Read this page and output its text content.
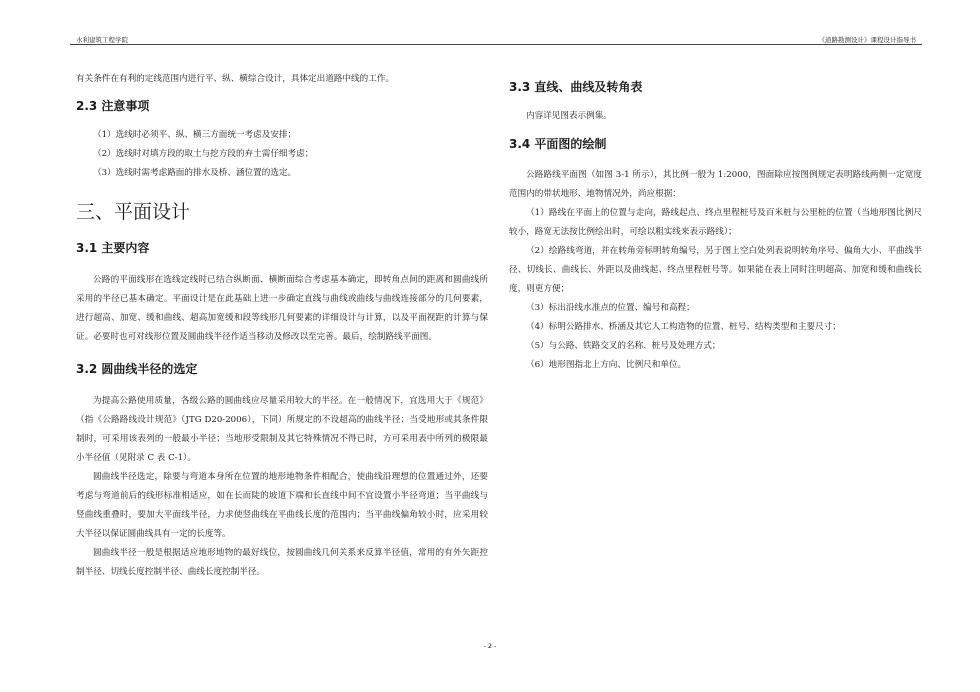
水利建筑工程学院	《道路勘测设计》课程设计指导书

有关条件在有利的定线范围内进行平、纵、横综合设计，具体定出道路中线的工作。

2.3 注意事项

（1）选线时必须平、纵、横三方面统一考虑及安排；

（2）选线时对填方段的取土与挖方段的弃土需仔细考虑；

（3）选线时需考虑路面的排水及桥、涵位置的选定。

三、平面设计
3.1 主要内容

公路的平面线形在选线定线时已结合纵断面、横断面综合考虑基本确定，即转角点间的距离和圆曲线所采用的半径已基本确定。平面设计是在此基础上进一步确定直线与曲线或曲线与曲线连接部分的几何要素，进行超高、加宽、缓和曲线、超高加宽缓和段等线形几何要素的详细设计与计算，以及平面视距的计算与保证。必要时也可对线形位置及圆曲线半径作适当移动及修改以至完善。最后，绘制路线平面图。

3.2 圆曲线半径的选定

为提高公路使用质量，各级公路的圆曲线应尽量采用较大的半径。在一般情况下，宜选用大于《规范》（指《公路路线设计规范》（JTG D20-2006），下同）所规定的不设超高的曲线半径；当受地形或其条件限制时，可采用该表列的一般最小半径；当地形受限制及其它特殊情况不得已时，方可采用表中所列的极限最小半径值（见附录 C 表 C-1）。

圆曲线半径选定，除要与弯道本身所在位置的地形地物条件相配合，使曲线沿理想的位置通过外，还要考虑与弯道前后的线形标准相适应，如在长而陡的坡道下端和长直线中间不宜设置小半径弯道；当平曲线与竖曲线重叠时，要加大平面线半径，力求使竖曲线在平曲线长度的范围内；当平曲线偏角较小时，应采用较大半径以保证圆曲线具有一定的长度等。

圆曲线半径一般是根据适应地形地物的最好线位，按圆曲线几何关系来反算半径值，常用的有外矢距控制半径、切线长度控制半径、曲线长度控制半径。

3.3 直线、曲线及转角表

内容详见图表示例集。

3.4 平面图的绘制

公路路线平面图（如图 3-1 所示），其比例一般为 1:2000，图面除应按图例规定表明路线两侧一定宽度范围内的带状地形、地物情况外，尚应根据：

（1）路线在平面上的位置与走向，路线起点、终点里程桩号及百米桩与公里桩的位置（当地形图比例尺较小，路宽无法按比例绘出时，可绘以粗实线来表示路线）；

（2）绘路线弯道，并在转角旁标明转角编号，另于图上空白处列表说明转角序号、偏角大小、平曲线半径、切线长、曲线长、外距以及曲线起、终点里程桩号等。如果能在表上同时注明超高、加宽和缓和曲线长度，则更方便；

（3）标出沿线水准点的位置、编号和高程；

（4）标明公路排水、桥涵及其它人工构造物的位置、桩号、结构类型和主要尺寸；

（5）与公路、铁路交叉的名称、桩号及处理方式；

（6）地形图指北上方向、比例尺和单位。

- 2 -
